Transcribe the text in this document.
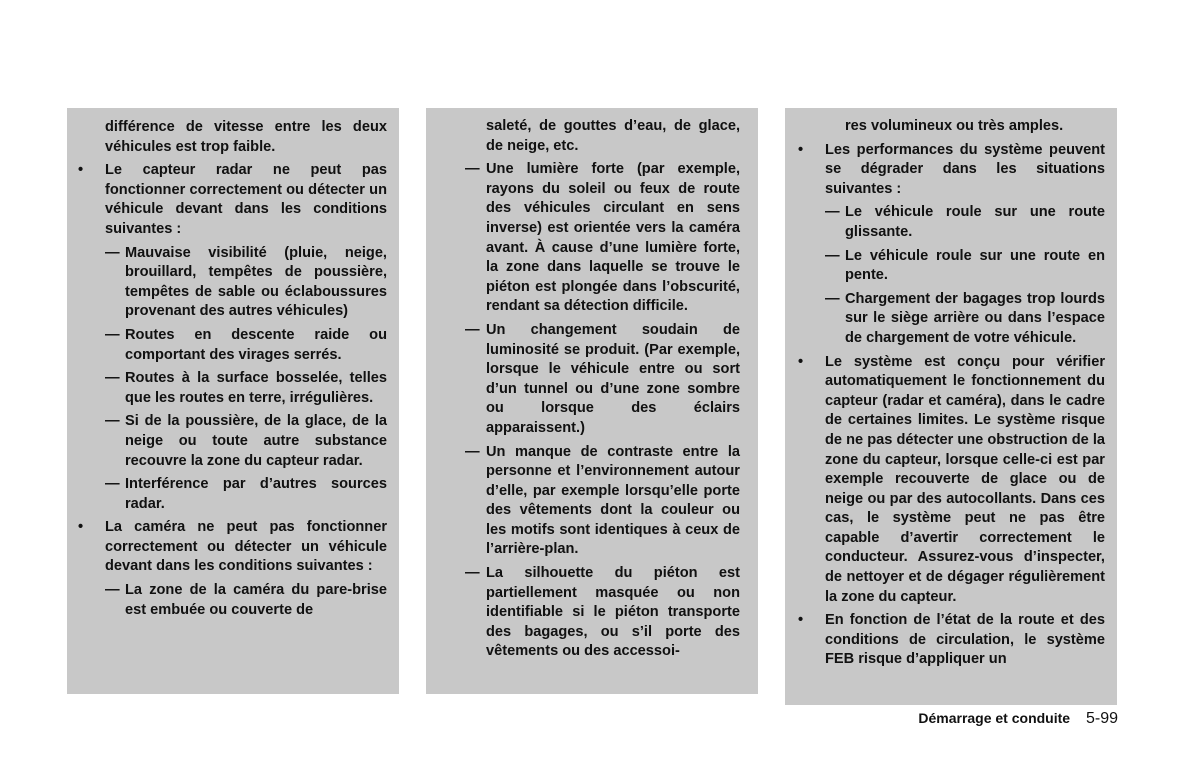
différence de vitesse entre les deux véhicules est trop faible.

• Le capteur radar ne peut pas fonctionner correctement ou détecter un véhicule devant dans les conditions suivantes :

— Mauvaise visibilité (pluie, neige, brouillard, tempêtes de poussière, tempêtes de sable ou éclaboussures provenant des autres véhicules)

— Routes en descente raide ou comportant des virages serrés.

— Routes à la surface bosselée, telles que les routes en terre, irrégulières.

— Si de la poussière, de la glace, de la neige ou toute autre substance recouvre la zone du capteur radar.

— Interférence par d’autres sources radar.

• La caméra ne peut pas fonctionner correctement ou détecter un véhicule devant dans les conditions suivantes :

— La zone de la caméra du pare-brise est embuée ou couverte de

saleté, de gouttes d’eau, de glace, de neige, etc.

— Une lumière forte (par exemple, rayons du soleil ou feux de route des véhicules circulant en sens inverse) est orientée vers la caméra avant. À cause d’une lumière forte, la zone dans laquelle se trouve le piéton est plongée dans l’obscurité, rendant sa détection difficile.

— Un changement soudain de luminosité se produit. (Par exemple, lorsque le véhicule entre ou sort d’un tunnel ou d’une zone sombre ou lorsque des éclairs apparaissent.)

— Un manque de contraste entre la personne et l’environnement autour d’elle, par exemple lorsqu’elle porte des vêtements dont la couleur ou les motifs sont identiques à ceux de l’arrière-plan.

— La silhouette du piéton est partiellement masquée ou non identifiable si le piéton transporte des bagages, ou s’il porte des vêtements ou des accessoi-

res volumineux ou très amples.

• Les performances du système peuvent se dégrader dans les situations suivantes :

— Le véhicule roule sur une route glissante.

— Le véhicule roule sur une route en pente.

— Chargement der bagages trop lourds sur le siège arrière ou dans l’espace de chargement de votre véhicule.

• Le système est conçu pour vérifier automatiquement le fonctionnement du capteur (radar et caméra), dans le cadre de certaines limites. Le système risque de ne pas détecter une obstruction de la zone du capteur, lorsque celle-ci est par exemple recouverte de glace ou de neige ou par des autocollants. Dans ces cas, le système peut ne pas être capable d’avertir correctement le conducteur. Assurez-vous d’inspecter, de nettoyer et de dégager régulièrement la zone du capteur.

• En fonction de l’état de la route et des conditions de circulation, le système FEB risque d’appliquer un

Démarrage et conduite 5-99
